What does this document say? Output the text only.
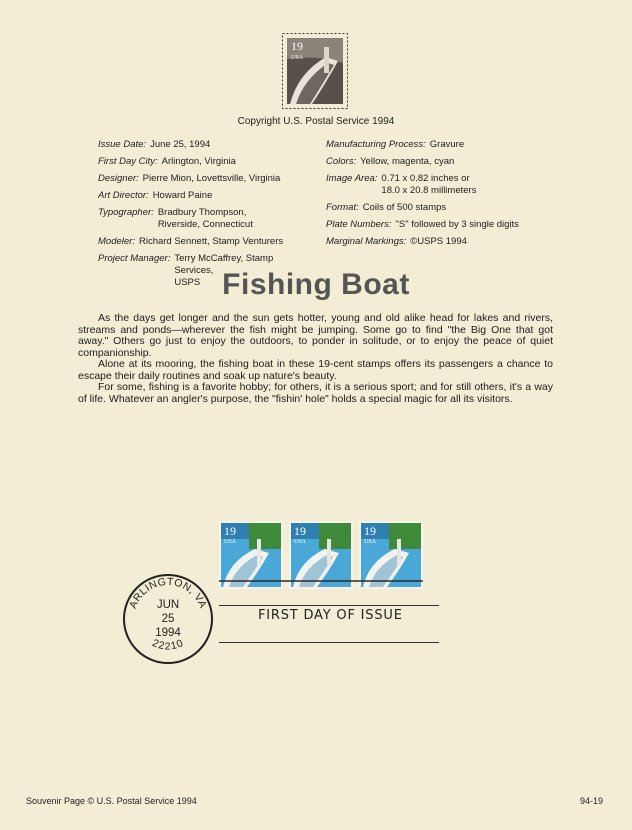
19
USA
Copyright U.S. Postal Service 1994
Issue Date: June 25, 1994
First Day City: Arlington, Virginia
Designer: Pierre Mion, Lovettsville, Virginia
Art Director: Howard Paine
Typographer: Bradbury Thompson,
Riverside, Connecticut
Modeler: Richard Sennett, Stamp Venturers
Project Manager: Terry McCaffrey, Stamp Services,
USPS
Manufacturing Process: Gravure
Colors: Yellow, magenta, cyan
Image Area: 0.71 x 0.82 inches or
18.0 x 20.8 millimeters
Format: Coils of 500 stamps
Plate Numbers: "S" followed by 3 single digits
Marginal Markings: ©USPS 1994
Fishing Boat

As the days get longer and the sun gets hotter, young and old alike head for lakes and rivers, streams and ponds—wherever the fish might be jumping. Some go to find "the Big One that got away." Others go just to enjoy the outdoors, to ponder in solitude, or to enjoy the peace of quiet companionship.

Alone at its mooring, the fishing boat in these 19-cent stamps offers its passengers a chance to escape their daily routines and soak up nature's beauty.

For some, fishing is a favorite hobby; for others, it is a serious sport; and for still others, it's a way of life. Whatever an angler's purpose, the "fishin' hole" holds a special magic for all its visitors.

19
USA
19
USA
19
USA
ARLINGTON, VA
22210
JUN
25
1994
FIRST DAY OF ISSUE
Souvenir Page © U.S. Postal Service 1994	94-19
